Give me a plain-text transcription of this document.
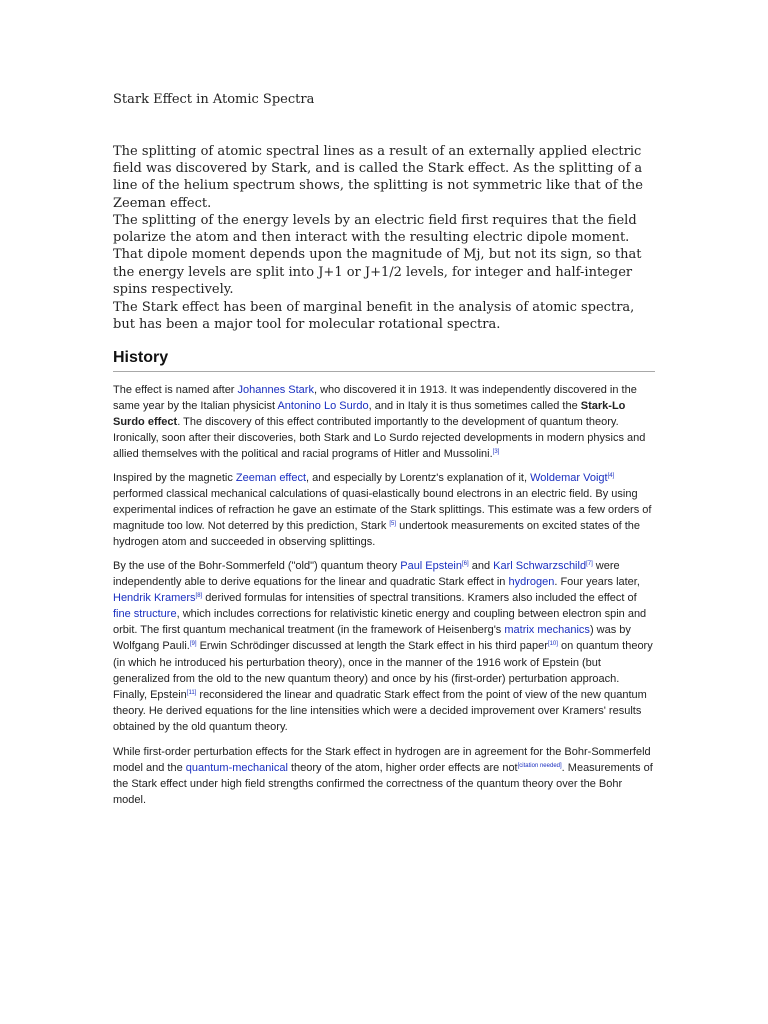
Stark Effect in Atomic Spectra

The splitting of atomic spectral lines as a result of an externally applied electric field was discovered by Stark, and is called the Stark effect. As the splitting of a line of the helium spectrum shows, the splitting is not symmetric like that of the Zeeman effect.

The splitting of the energy levels by an electric field first requires that the field polarize the atom and then interact with the resulting electric dipole moment. That dipole moment depends upon the magnitude of Mj, but not its sign, so that the energy levels are split into J+1 or J+1/2 levels, for integer and half-integer spins respectively.

The Stark effect has been of marginal benefit in the analysis of atomic spectra, but has been a major tool for molecular rotational spectra.

History

The effect is named after Johannes Stark, who discovered it in 1913. It was independently discovered in the same year by the Italian physicist Antonino Lo Surdo, and in Italy it is thus sometimes called the Stark-Lo Surdo effect. The discovery of this effect contributed importantly to the development of quantum theory. Ironically, soon after their discoveries, both Stark and Lo Surdo rejected developments in modern physics and allied themselves with the political and racial programs of Hitler and Mussolini.[3]

Inspired by the magnetic Zeeman effect, and especially by Lorentz's explanation of it, Woldemar Voigt[4] performed classical mechanical calculations of quasi-elastically bound electrons in an electric field. By using experimental indices of refraction he gave an estimate of the Stark splittings. This estimate was a few orders of magnitude too low. Not deterred by this prediction, Stark [5] undertook measurements on excited states of the hydrogen atom and succeeded in observing splittings.

By the use of the Bohr-Sommerfeld ("old") quantum theory Paul Epstein[6] and Karl Schwarzschild[7] were independently able to derive equations for the linear and quadratic Stark effect in hydrogen. Four years later, Hendrik Kramers[8] derived formulas for intensities of spectral transitions. Kramers also included the effect of fine structure, which includes corrections for relativistic kinetic energy and coupling between electron spin and orbit. The first quantum mechanical treatment (in the framework of Heisenberg's matrix mechanics) was by Wolfgang Pauli.[9] Erwin Schrödinger discussed at length the Stark effect in his third paper[10] on quantum theory (in which he introduced his perturbation theory), once in the manner of the 1916 work of Epstein (but generalized from the old to the new quantum theory) and once by his (first-order) perturbation approach. Finally, Epstein[11] reconsidered the linear and quadratic Stark effect from the point of view of the new quantum theory. He derived equations for the line intensities which were a decided improvement over Kramers' results obtained by the old quantum theory.

While first-order perturbation effects for the Stark effect in hydrogen are in agreement for the Bohr-Sommerfeld model and the quantum-mechanical theory of the atom, higher order effects are not[citation needed]. Measurements of the Stark effect under high field strengths confirmed the correctness of the quantum theory over the Bohr model.
